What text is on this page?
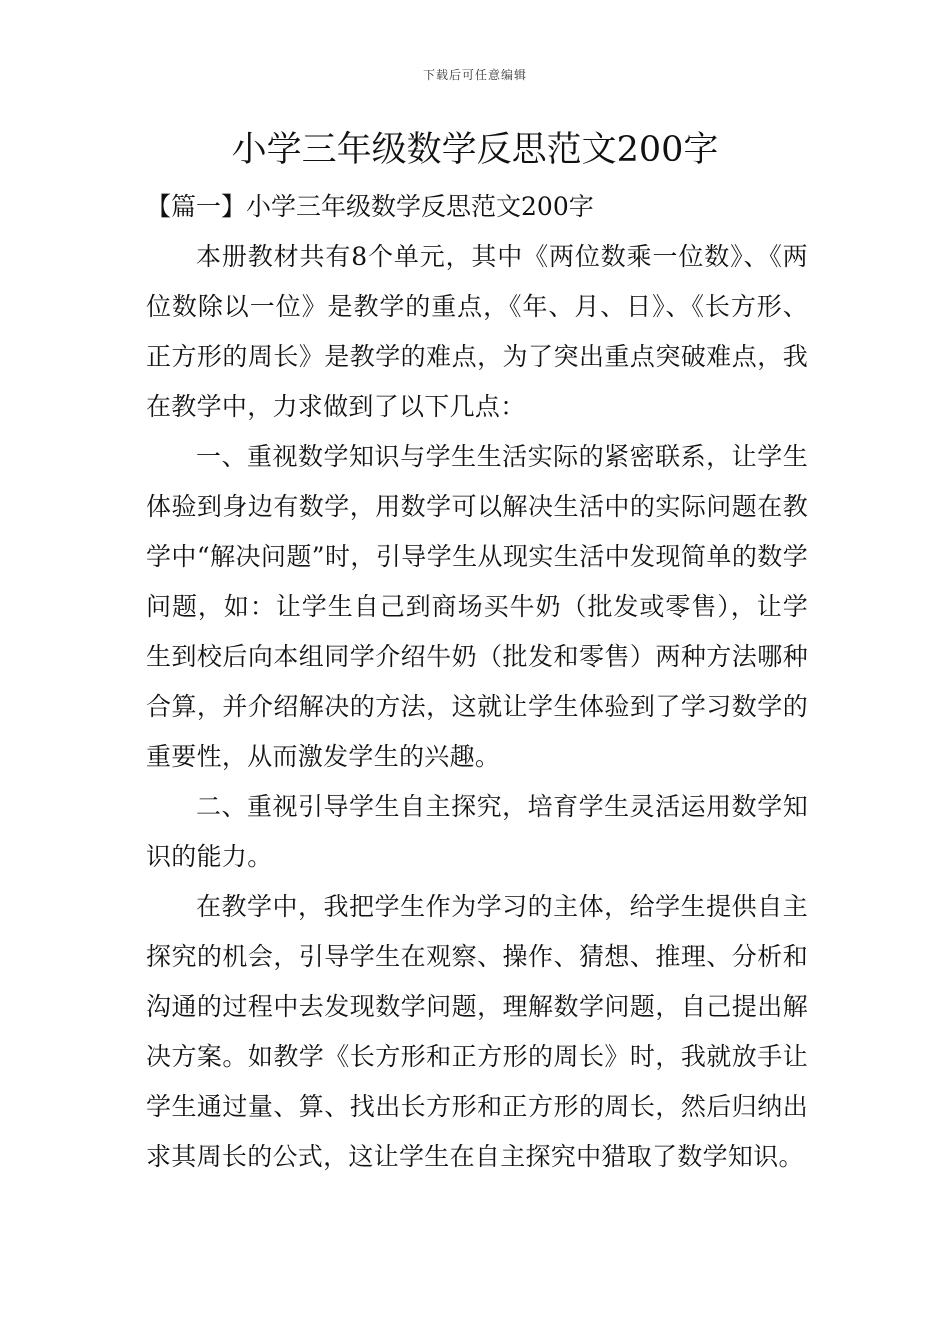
下载后可任意编辑
小学三年级数学反思范文200字

【篇一】小学三年级数学反思范文200字

本册教材共有8个单元，其中《两位数乘一位数》、《两位数除以一位》是教学的重点，《年、月、日》、《长方形、正方形的周长》是教学的难点，为了突出重点突破难点，我在教学中，力求做到了以下几点：

一、重视数学知识与学生生活实际的紧密联系，让学生体验到身边有数学，用数学可以解决生活中的实际问题在教学中“解决问题”时，引导学生从现实生活中发现简单的数学问题，如：让学生自己到商场买牛奶（批发或零售），让学生到校后向本组同学介绍牛奶（批发和零售）两种方法哪种合算，并介绍解决的方法，这就让学生体验到了学习数学的重要性，从而激发学生的兴趣。

二、重视引导学生自主探究，培育学生灵活运用数学知识的能力。

在教学中，我把学生作为学习的主体，给学生提供自主探究的机会，引导学生在观察、操作、猜想、推理、分析和沟通的过程中去发现数学问题，理解数学问题，自己提出解决方案。如教学《长方形和正方形的周长》时，我就放手让学生通过量、算、找出长方形和正方形的周长，然后归纳出求其周长的公式，这让学生在自主探究中猎取了数学知识。
